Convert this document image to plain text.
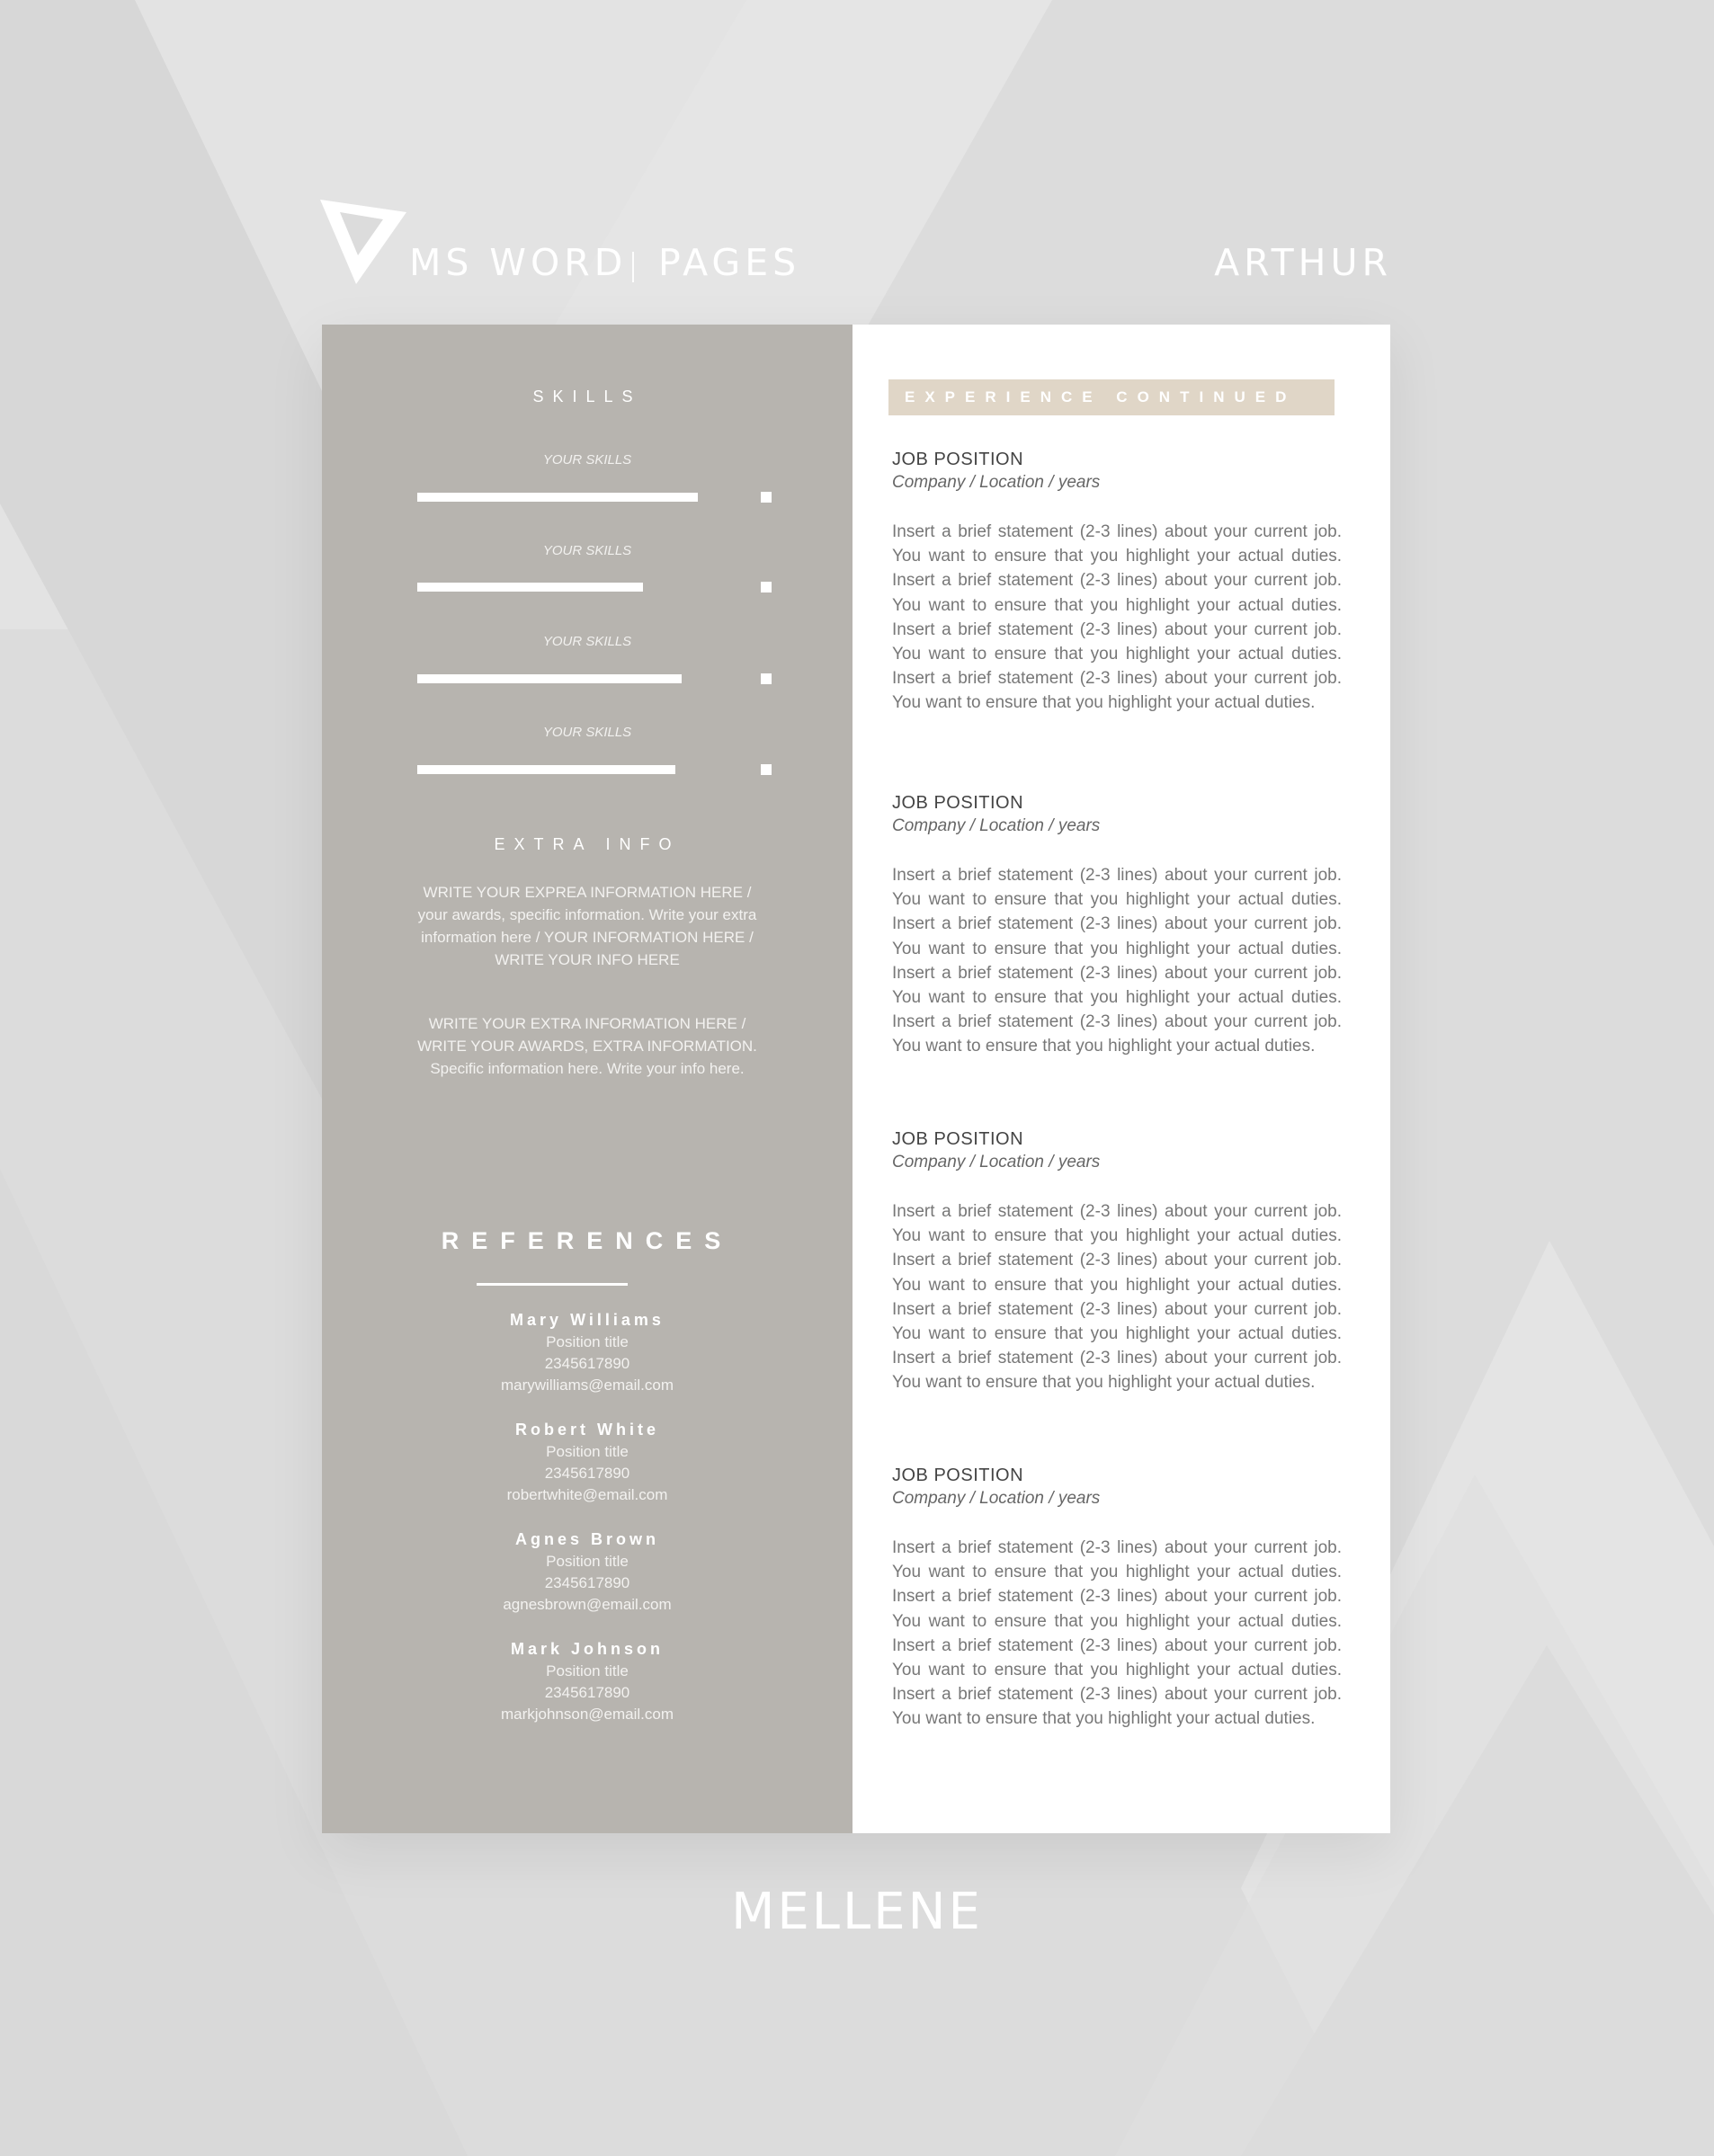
MS WORD PAGES	ARTHUR
SKILLS
YOUR SKILLS
YOUR SKILLS
YOUR SKILLS
YOUR SKILLS
EXTRA INFO
WRITE YOUR EXPREA INFORMATION HERE / your awards, specific information. Write your extra information here / YOUR INFORMATION HERE / WRITE YOUR INFO HERE
WRITE YOUR EXTRA INFORMATION HERE / WRITE YOUR AWARDS, EXTRA INFORMATION. Specific information here. Write your info here.
REFERENCES
Mary Williams
Position title
2345617890
marywilliams@email.com
Robert White
Position title
2345617890
robertwhite@email.com
Agnes Brown
Position title
2345617890
agnesbrown@email.com
Mark Johnson
Position title
2345617890
markjohnson@email.com
EXPERIENCE CONTINUED
JOB POSITION
Company / Location / years
Insert a brief statement (2-3 lines) about your current job. You want to ensure that you highlight your actual duties. Insert a brief statement (2-3 lines) about your current job. You want to ensure that you highlight your actual duties. Insert a brief statement (2-3 lines) about your current job. You want to ensure that you highlight your actual duties. Insert a brief statement (2-3 lines) about your current job. You want to ensure that you highlight your actual duties.
JOB POSITION
Company / Location / years
Insert a brief statement (2-3 lines) about your current job. You want to ensure that you highlight your actual duties. Insert a brief statement (2-3 lines) about your current job. You want to ensure that you highlight your actual duties. Insert a brief statement (2-3 lines) about your current job. You want to ensure that you highlight your actual duties. Insert a brief statement (2-3 lines) about your current job. You want to ensure that you highlight your actual duties.
JOB POSITION
Company / Location / years
Insert a brief statement (2-3 lines) about your current job. You want to ensure that you highlight your actual duties. Insert a brief statement (2-3 lines) about your current job. You want to ensure that you highlight your actual duties. Insert a brief statement (2-3 lines) about your current job. You want to ensure that you highlight your actual duties. Insert a brief statement (2-3 lines) about your current job. You want to ensure that you highlight your actual duties.
JOB POSITION
Company / Location / years
Insert a brief statement (2-3 lines) about your current job. You want to ensure that you highlight your actual duties. Insert a brief statement (2-3 lines) about your current job. You want to ensure that you highlight your actual duties. Insert a brief statement (2-3 lines) about your current job. You want to ensure that you highlight your actual duties. Insert a brief statement (2-3 lines) about your current job. You want to ensure that you highlight your actual duties.
MELLENE
